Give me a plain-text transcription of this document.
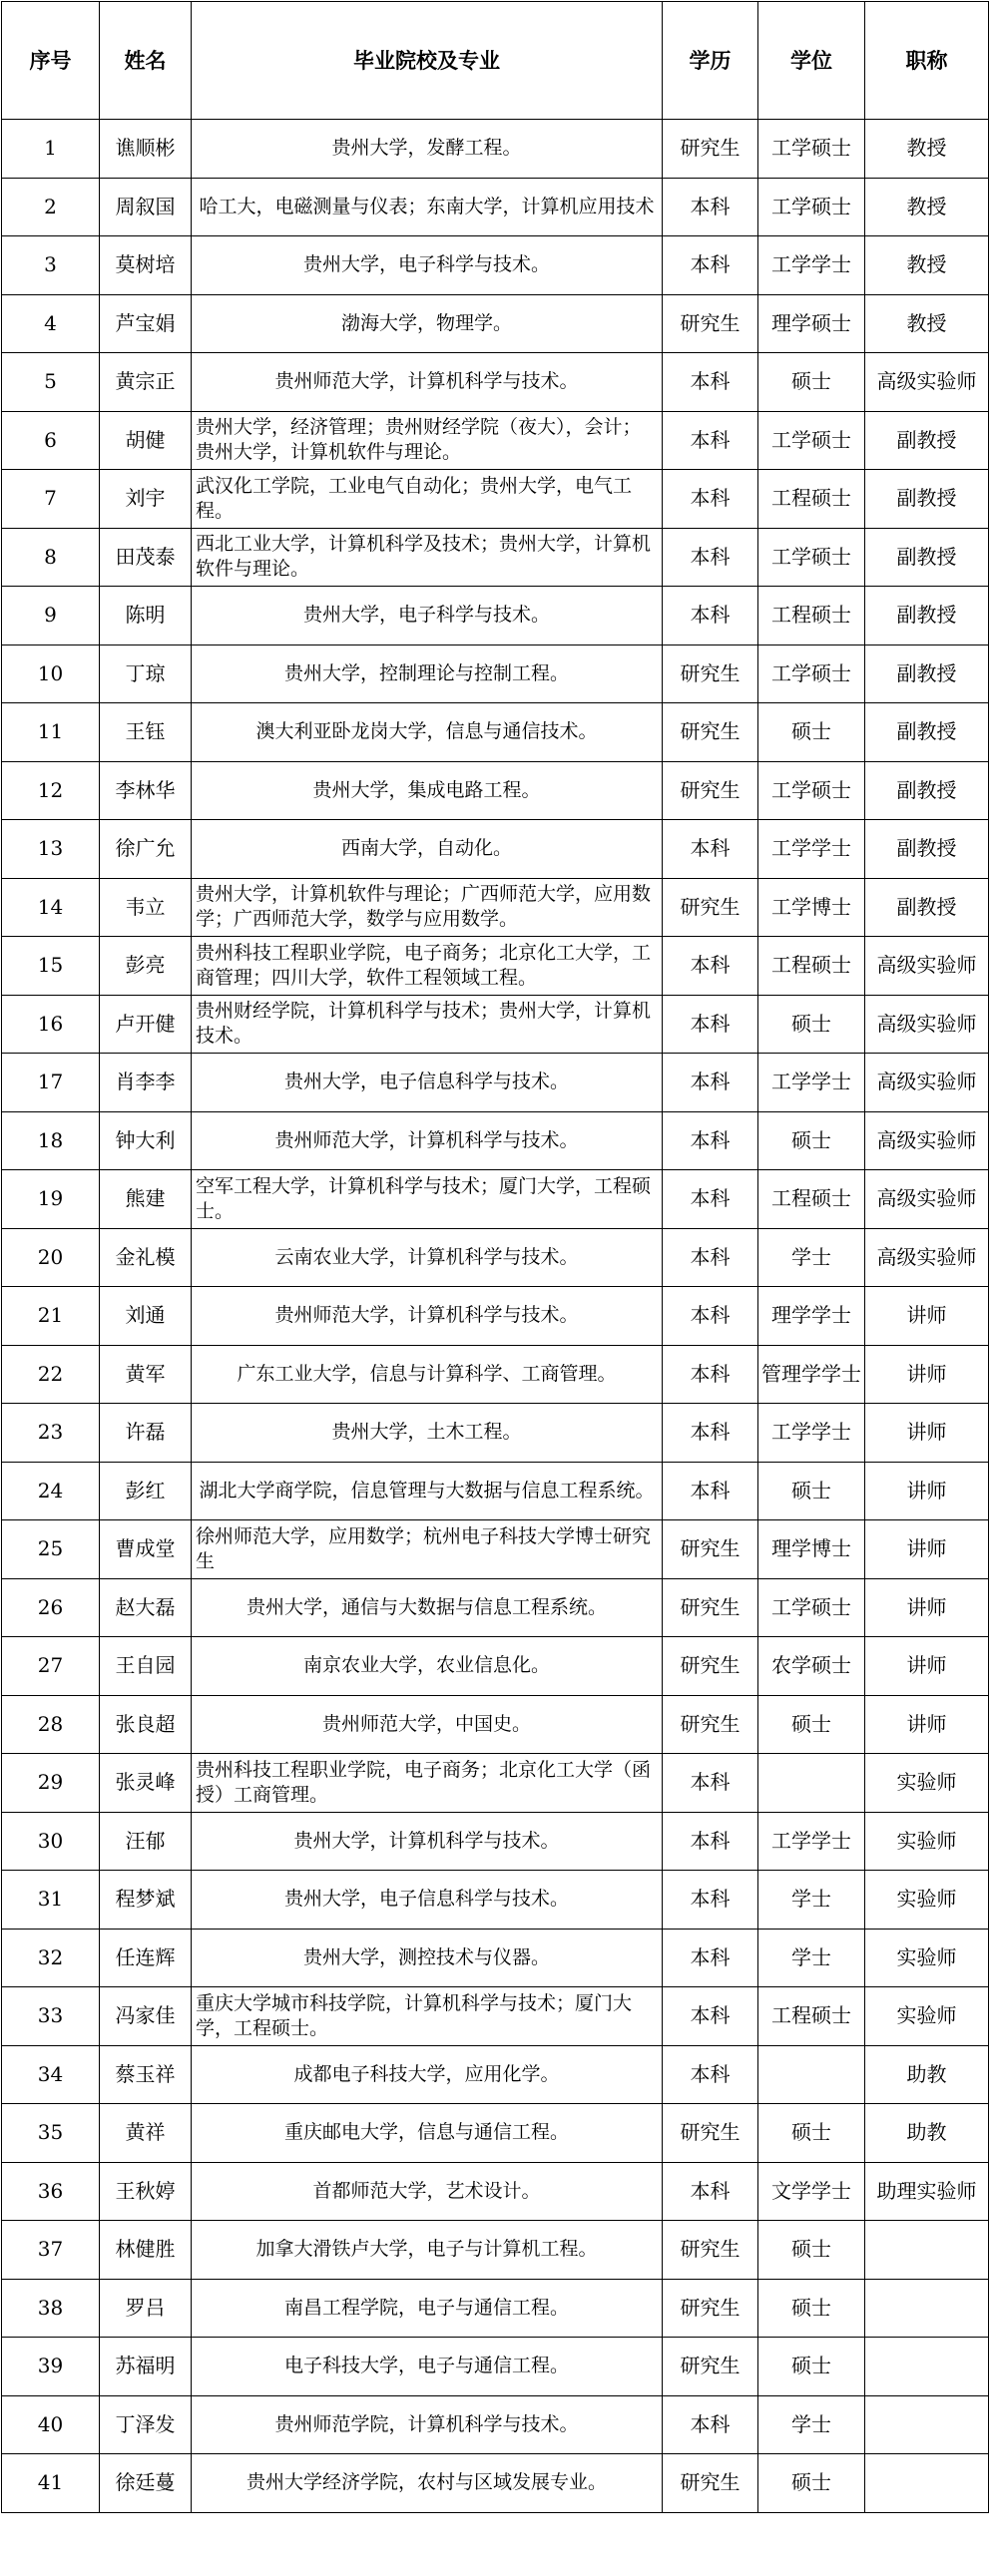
序号	姓名	毕业院校及专业	学历	学位	职称
1	谯顺彬	贵州大学，发酵工程。	研究生	工学硕士	教授
2	周叙国	哈工大，电磁测量与仪表；东南大学，计算机应用技术	本科	工学硕士	教授
3	莫树培	贵州大学，电子科学与技术。	本科	工学学士	教授
4	芦宝娟	渤海大学，物理学。	研究生	理学硕士	教授
5	黄宗正	贵州师范大学，计算机科学与技术。	本科	硕士	高级实验师
6	胡健	贵州大学，经济管理；贵州财经学院（夜大），会计；贵州大学，计算机软件与理论。	本科	工学硕士	副教授
7	刘宇	武汉化工学院，工业电气自动化；贵州大学，电气工程。	本科	工程硕士	副教授
8	田茂泰	西北工业大学，计算机科学及技术；贵州大学，计算机软件与理论。	本科	工学硕士	副教授
9	陈明	贵州大学，电子科学与技术。	本科	工程硕士	副教授
10	丁琼	贵州大学，控制理论与控制工程。	研究生	工学硕士	副教授
11	王钰	澳大利亚卧龙岗大学，信息与通信技术。	研究生	硕士	副教授
12	李林华	贵州大学，集成电路工程。	研究生	工学硕士	副教授
13	徐广允	西南大学，自动化。	本科	工学学士	副教授
14	韦立	贵州大学，计算机软件与理论；广西师范大学，应用数学；广西师范大学，数学与应用数学。	研究生	工学博士	副教授
15	彭亮	贵州科技工程职业学院，电子商务；北京化工大学，工商管理；四川大学，软件工程领域工程。	本科	工程硕士	高级实验师
16	卢开健	贵州财经学院，计算机科学与技术；贵州大学，计算机技术。	本科	硕士	高级实验师
17	肖李李	贵州大学，电子信息科学与技术。	本科	工学学士	高级实验师
18	钟大利	贵州师范大学，计算机科学与技术。	本科	硕士	高级实验师
19	熊建	空军工程大学，计算机科学与技术；厦门大学，工程硕士。	本科	工程硕士	高级实验师
20	金礼模	云南农业大学，计算机科学与技术。	本科	学士	高级实验师
21	刘通	贵州师范大学，计算机科学与技术。	本科	理学学士	讲师
22	黄军	广东工业大学，信息与计算科学、工商管理。	本科	管理学学士	讲师
23	许磊	贵州大学，土木工程。	本科	工学学士	讲师
24	彭红	湖北大学商学院，信息管理与大数据与信息工程系统。	本科	硕士	讲师
25	曹成堂	徐州师范大学，应用数学；杭州电子科技大学博士研究生	研究生	理学博士	讲师
26	赵大磊	贵州大学，通信与大数据与信息工程系统。	研究生	工学硕士	讲师
27	王自园	南京农业大学，农业信息化。	研究生	农学硕士	讲师
28	张良超	贵州师范大学，中国史。	研究生	硕士	讲师
29	张灵峰	贵州科技工程职业学院，电子商务；北京化工大学（函授）工商管理。	本科		实验师
30	汪郁	贵州大学，计算机科学与技术。	本科	工学学士	实验师
31	程梦斌	贵州大学，电子信息科学与技术。	本科	学士	实验师
32	任连辉	贵州大学，测控技术与仪器。	本科	学士	实验师
33	冯家佳	重庆大学城市科技学院，计算机科学与技术；厦门大学，工程硕士。	本科	工程硕士	实验师
34	蔡玉祥	成都电子科技大学，应用化学。	本科		助教
35	黄祥	重庆邮电大学，信息与通信工程。	研究生	硕士	助教
36	王秋婷	首都师范大学，艺术设计。	本科	文学学士	助理实验师
37	林健胜	加拿大滑铁卢大学，电子与计算机工程。	研究生	硕士	
38	罗吕	南昌工程学院，电子与通信工程。	研究生	硕士	
39	苏福明	电子科技大学，电子与通信工程。	研究生	硕士	
40	丁泽发	贵州师范学院，计算机科学与技术。	本科	学士	
41	徐廷蔓	贵州大学经济学院，农村与区域发展专业。	研究生	硕士	
